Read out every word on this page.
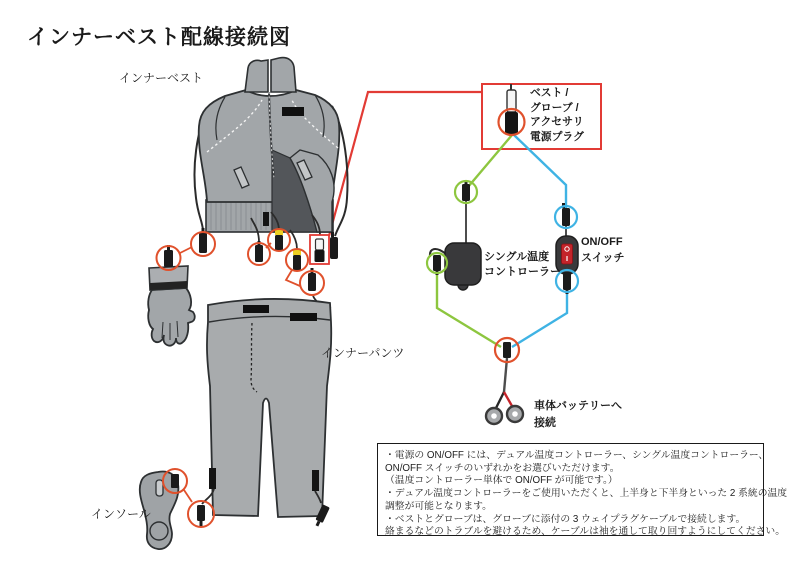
インナーベスト配線接続図
インナーベスト
インナーパンツ
インソール
ベスト /
グローブ /
アクセサリ
電源プラグ
シングル温度
コントローラー
ON/OFF
スイッチ
車体バッテリーへ
接続
・電源の ON/OFF には、デュアル温度コントローラー、シングル温度コントローラー、
ON/OFF スイッチのいずれかをお選びいただけます。
（温度コントローラー単体で ON/OFF が可能です。）
・デュアル温度コントローラーをご使用いただくと、上半身と下半身といった 2 系統の温度
調整が可能となります。
・ベストとグローブは、グローブに添付の 3 ウェイプラグケーブルで接続します。
絡まるなどのトラブルを避けるため、ケーブルは袖を通して取り回すようにしてください。
